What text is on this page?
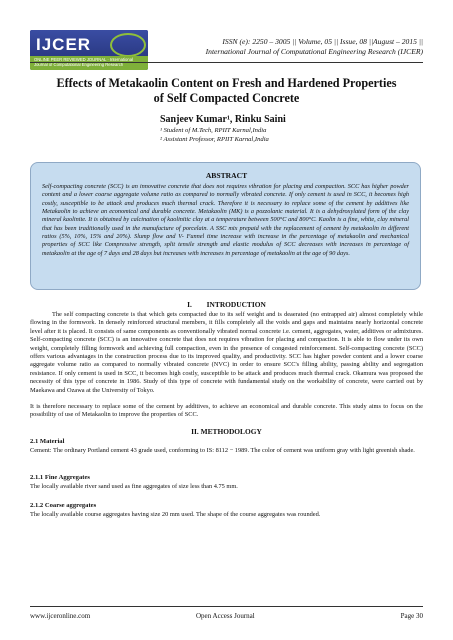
IJCER
ONLINE PEER REVIEWED JOURNAL · International Journal of Computational Engineering Research
ISSN (e): 2250 – 3005 || Volume, 05 || Issue, 08 ||August – 2015 ||
International Journal of Computational Engineering Research (IJCER)
Effects of Metakaolin Content on Fresh and Hardened Properties
of Self Compacted Concrete
Sanjeev Kumar¹, Rinku Saini
¹ Student of M.Tech, RPIIT Karnal,India
² Assistant Professor, RPIIT Karnal,India
ABSTRACT
Self-compacting concrete (SCC) is an innovative concrete that does not requires vibration for placing and compaction. SCC has higher powder content and a lower coarse aggregate volume ratio as compared to normally vibrated concrete. If only cement is used in SCC, it becomes high costly, susceptible to be attack and produces much thermal crack. Therefore it is necessary to replace some of the cement by additives like Metakaolin to achieve an economical and durable concrete. Metakaolin (MK) is a pozzolanic material. It is a dehydroxylated form of the clay mineral kaolinite. It is obtained by calcination of kaolinitic clay at a temperature between 500°C and 800°C. Kaolin is a fine, white, clay mineral that has been traditionally used in the manufacture of porcelain. A SSC mix prepaid with the replacement of cement by metakaolin in different ratios (5%, 10%, 15% and 20%). Slump flow and V- Funnel time increase with increase in the percentage of metakaolin and mechanical properties of SCC like Compressive strength, split tensile strength and elastic modulus of SCC decreases with increases in percentage of metakaolin at the age of 7 days and 28 days but increases with increases in percentage of metakaolin at the age of 90 days.
I.        INTRODUCTION
The self compacting concrete is that which gets compacted due to its self weight and is deaerated (no entrapped air) almost completely while flowing in the formwork. In densely reinforced structural members, it fills completely all the voids and gaps and maintains nearly horizontal concrete level after it is placed. It consists of same components as conventionally vibrated normal concrete i.e. cement, aggregates, water, additives or admixtures. Self-compacting concrete (SCC) is an innovative concrete that does not requires vibration for placing and compaction. It is able to flow under its own weight, completely filling formwork and achieving full compaction, even in the presence of congested reinforcement. Self-compacting concrete (SCC) offers various advantages in the construction process due to its improved quality, and productivity. SCC has higher powder content and a lower coarse aggregate volume ratio as compared to normally vibrated concrete (NVC) in order to ensure SCC's filling ability, passing ability and segregation resistance. If only cement is used in SCC, it becomes high costly, susceptible to be attack and produces much thermal crack. Okamura was proposed the necessity of this type of concrete in 1986. Study of this type of concrete with fundamental study on the workability of concrete, were carried out by Maekawa and Ozawa at the University of Tokyo.
It is therefore necessary to replace some of the cement by additives, to achieve an economical and durable concrete. This study aims to focus on the possibility of use of Metakaolin to improve the properties of SCC.
II. METHODOLOGY
2.1 Material
Cement: The ordinary Portland cement 43 grade used, conforming to IS: 8112 − 1989. The color of cement was uniform gray with light greenish shade.
2.1.1 Fine Aggregates
The locally available river sand used as fine aggregates of size less than 4.75 mm.
2.1.2 Coarse aggregates
The locally available course aggregates having size 20 mm used. The shape of the course aggregates was rounded.
www.ijceronline.com	Open Access Journal	Page 30
